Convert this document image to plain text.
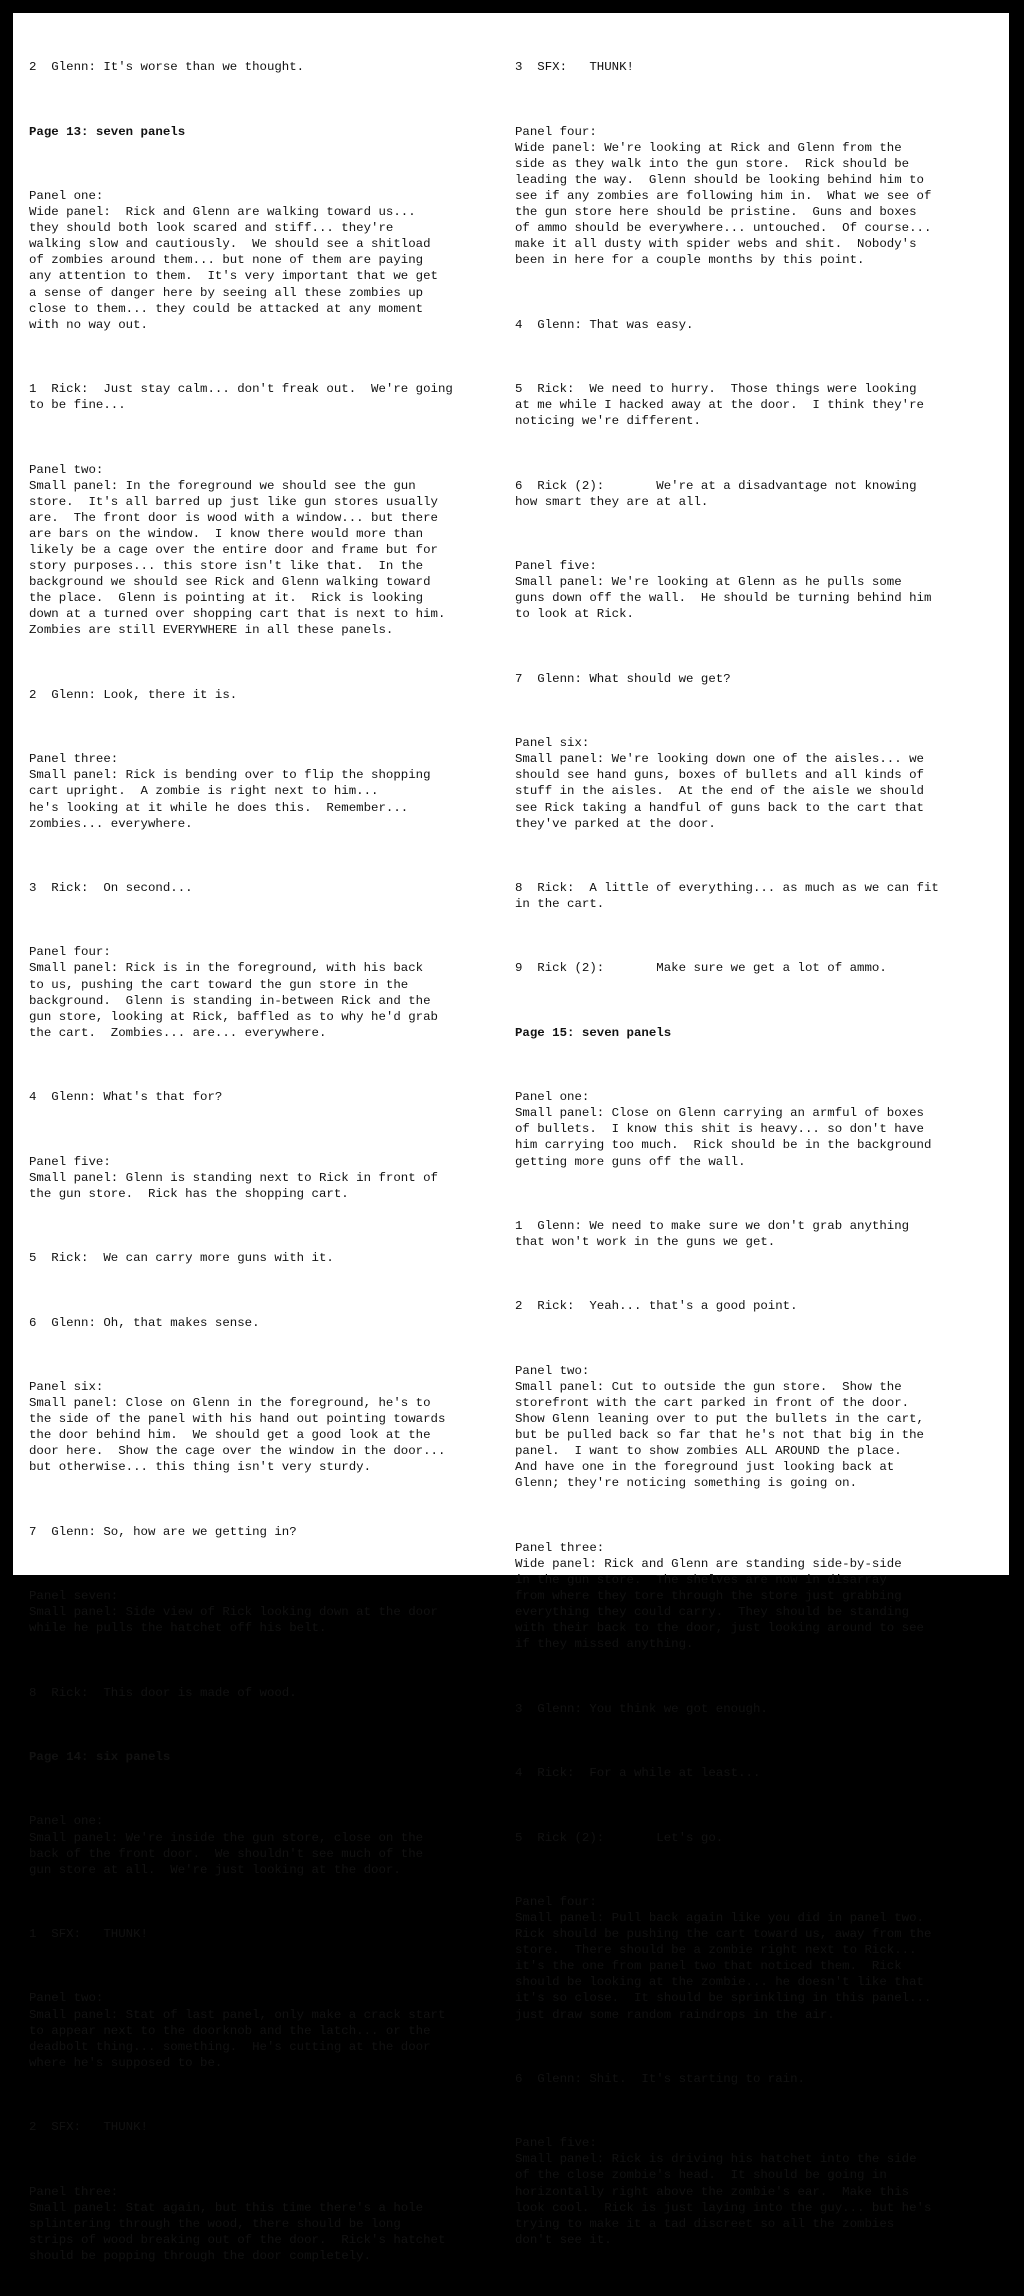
2  Glenn: It's worse than we thought.

Page 13: seven panels

Panel one:
Wide panel:  Rick and Glenn are walking toward us...
they should both look scared and stiff... they're
walking slow and cautiously.  We should see a shitload
of zombies around them... but none of them are paying
any attention to them.  It's very important that we get
a sense of danger here by seeing all these zombies up
close to them... they could be attacked at any moment
with no way out.

1  Rick:  Just stay calm... don't freak out.  We're going
to be fine...

Panel two:
Small panel: In the foreground we should see the gun
store.  It's all barred up just like gun stores usually
are.  The front door is wood with a window... but there
are bars on the window.  I know there would more than
likely be a cage over the entire door and frame but for
story purposes... this store isn't like that.  In the
background we should see Rick and Glenn walking toward
the place.  Glenn is pointing at it.  Rick is looking
down at a turned over shopping cart that is next to him.
Zombies are still EVERYWHERE in all these panels.

2  Glenn: Look, there it is.

Panel three:
Small panel: Rick is bending over to flip the shopping
cart upright.  A zombie is right next to him...
he's looking at it while he does this.  Remember...
zombies... everywhere.

3  Rick:  On second...

Panel four:
Small panel: Rick is in the foreground, with his back
to us, pushing the cart toward the gun store in the
background.  Glenn is standing in-between Rick and the
gun store, looking at Rick, baffled as to why he'd grab
the cart.  Zombies... are... everywhere.

4  Glenn: What's that for?

Panel five:
Small panel: Glenn is standing next to Rick in front of
the gun store.  Rick has the shopping cart.

5  Rick:  We can carry more guns with it.

6  Glenn: Oh, that makes sense.

Panel six:
Small panel: Close on Glenn in the foreground, he's to
the side of the panel with his hand out pointing towards
the door behind him.  We should get a good look at the
door here.  Show the cage over the window in the door...
but otherwise... this thing isn't very sturdy.

7  Glenn: So, how are we getting in?

Panel seven:
Small panel: Side view of Rick looking down at the door
while he pulls the hatchet off his belt.

8  Rick:  This door is made of wood.

Page 14: six panels

Panel one:
Small panel: We're inside the gun store, close on the
back of the front door.  We shouldn't see much of the
gun store at all.  We're just looking at the door.

1  SFX:   THUNK!

Panel two:
Small panel: Stat of last panel, only make a crack start
to appear next to the doorknob and the latch... or the
deadbolt thing... something.  He's cutting at the door
where he's supposed to be.

2  SFX:   THUNK!

Panel three:
Small panel: Stat again, but this time there's a hole
splintering through the wood, there should be long
strips of wood breaking out of the door.  Rick's hatchet
should be popping through the door completely.

3  SFX:   THUNK!

Panel four:
Wide panel: We're looking at Rick and Glenn from the
side as they walk into the gun store.  Rick should be
leading the way.  Glenn should be looking behind him to
see if any zombies are following him in.  What we see of
the gun store here should be pristine.  Guns and boxes
of ammo should be everywhere... untouched.  Of course...
make it all dusty with spider webs and shit.  Nobody's
been in here for a couple months by this point.

4  Glenn: That was easy.

5  Rick:  We need to hurry.  Those things were looking
at me while I hacked away at the door.  I think they're
noticing we're different.

6  Rick (2):       We're at a disadvantage not knowing
how smart they are at all.

Panel five:
Small panel: We're looking at Glenn as he pulls some
guns down off the wall.  He should be turning behind him
to look at Rick.

7  Glenn: What should we get?

Panel six:
Small panel: We're looking down one of the aisles... we
should see hand guns, boxes of bullets and all kinds of
stuff in the aisles.  At the end of the aisle we should
see Rick taking a handful of guns back to the cart that
they've parked at the door.

8  Rick:  A little of everything... as much as we can fit
in the cart.

9  Rick (2):       Make sure we get a lot of ammo.

Page 15: seven panels

Panel one:
Small panel: Close on Glenn carrying an armful of boxes
of bullets.  I know this shit is heavy... so don't have
him carrying too much.  Rick should be in the background
getting more guns off the wall.

1  Glenn: We need to make sure we don't grab anything
that won't work in the guns we get.

2  Rick:  Yeah... that's a good point.

Panel two:
Small panel: Cut to outside the gun store.  Show the
storefront with the cart parked in front of the door.
Show Glenn leaning over to put the bullets in the cart,
but be pulled back so far that he's not that big in the
panel.  I want to show zombies ALL AROUND the place.
And have one in the foreground just looking back at
Glenn; they're noticing something is going on.

Panel three:
Wide panel: Rick and Glenn are standing side-by-side
in the gun store.  The shelves are now in disarray
from where they tore through the store just grabbing
everything they could carry.  They should be standing
with their back to the door, just looking around to see
if they missed anything.

3  Glenn: You think we got enough.

4  Rick:  For a while at least...

5  Rick (2):       Let's go.

Panel four:
Small panel: Pull back again like you did in panel two.
Rick should be pushing the cart toward us, away from the
store.  There should be a zombie right next to Rick...
it's the one from panel two that noticed them.  Rick
should be looking at the zombie... he doesn't like that
it's so close.  It should be sprinkling in this panel...
just draw some random raindrops in the air.

6  Glenn: Shit.  It's starting to rain.

Panel five:
Small panel: Rick is driving his hatchet into the side
of the close zombie's head.  It should be going in
horizontally right above the zombie's ear.  Make this
look cool.  Rick is just laying into the guy... but he's
trying to make it a tad discreet so all the zombies
don't see it.
